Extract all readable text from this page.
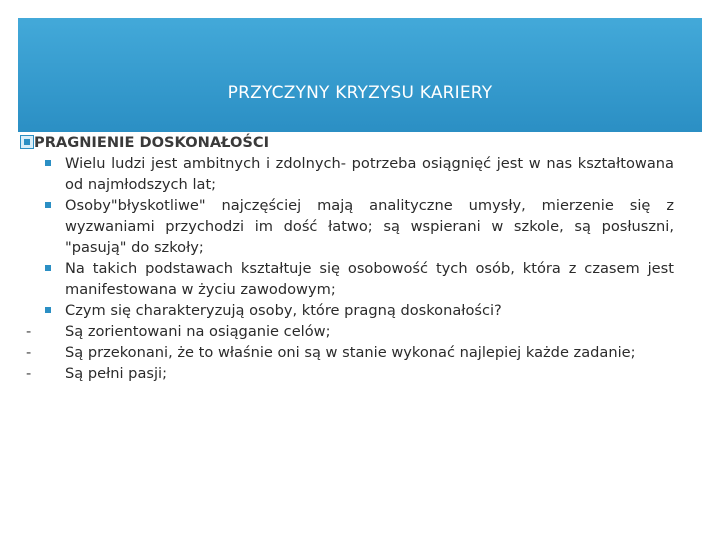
PRZYCZYNY KRYZYSU KARIERY

PRAGNIENIE DOSKONAŁOŚCI

Wielu ludzi jest ambitnych i zdolnych- potrzeba osiągnięć jest w nas kształtowana od najmłodszych lat;

Osoby"błyskotliwe" najczęściej mają analityczne umysły, mierzenie się z wyzwaniami przychodzi im dość łatwo; są wspierani w szkole, są posłuszni, "pasują" do szkoły;

Na takich podstawach kształtuje się osobowość tych osób, która z czasem jest manifestowana w życiu zawodowym;

Czym się charakteryzują osoby, które pragną doskonałości?

-	Są zorientowani na osiąganie celów;

-	Są przekonani, że to właśnie oni są w stanie wykonać najlepiej każde zadanie;

-	Są pełni pasji;
